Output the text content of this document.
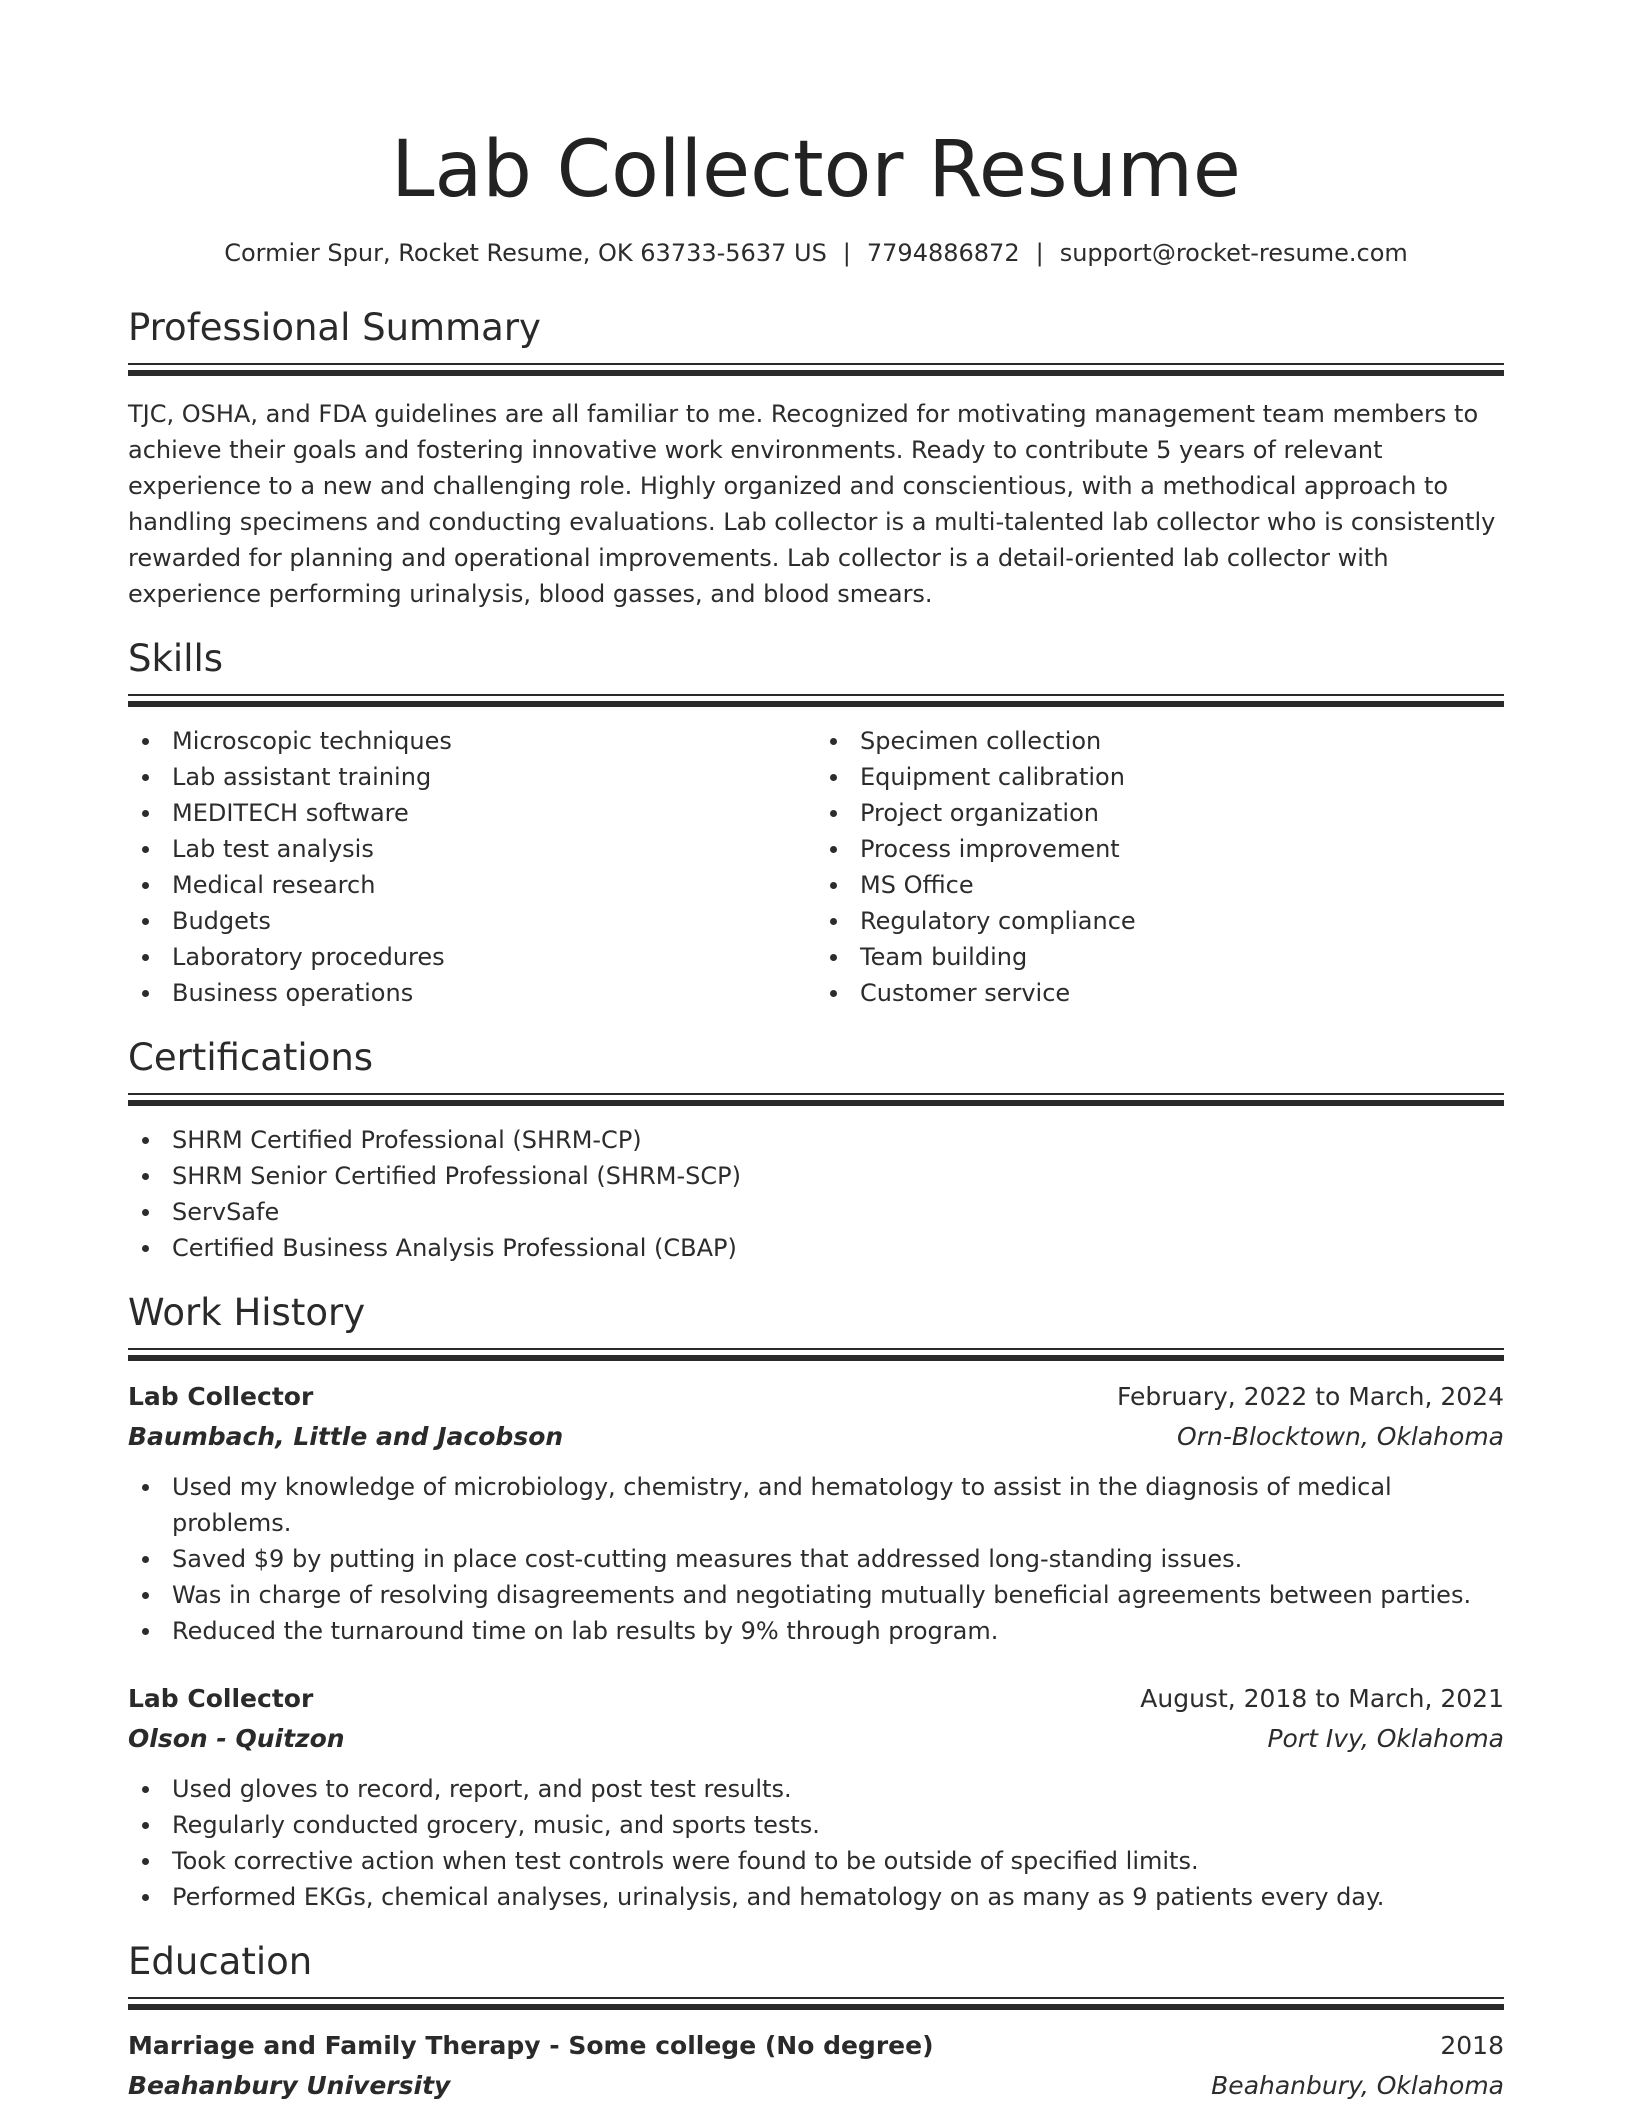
Lab Collector Resume
Cormier Spur, Rocket Resume, OK 63733-5637 US | 7794886872 | support@rocket-resume.com
Professional Summary

TJC, OSHA, and FDA guidelines are all familiar to me. Recognized for motivating management team members to achieve their goals and fostering innovative work environments. Ready to contribute 5 years of relevant experience to a new and challenging role. Highly organized and conscientious, with a methodical approach to handling specimens and conducting evaluations. Lab collector is a multi-talented lab collector who is consistently rewarded for planning and operational improvements. Lab collector is a detail-oriented lab collector with experience performing urinalysis, blood gasses, and blood smears.

Skills
Microscopic techniques
Lab assistant training
MEDITECH software
Lab test analysis
Medical research
Budgets
Laboratory procedures
Business operations
Specimen collection
Equipment calibration
Project organization
Process improvement
MS Office
Regulatory compliance
Team building
Customer service
Certifications
SHRM Certified Professional (SHRM-CP)
SHRM Senior Certified Professional (SHRM-SCP)
ServSafe
Certified Business Analysis Professional (CBAP)
Work History
Lab Collector	February, 2022 to March, 2024
Baumbach, Little and Jacobson	Orn-Blocktown, Oklahoma
Used my knowledge of microbiology, chemistry, and hematology to assist in the diagnosis of medical problems.
Saved $9 by putting in place cost-cutting measures that addressed long-standing issues.
Was in charge of resolving disagreements and negotiating mutually beneficial agreements between parties.
Reduced the turnaround time on lab results by 9% through program.
Lab Collector	August, 2018 to March, 2021
Olson - Quitzon	Port Ivy, Oklahoma
Used gloves to record, report, and post test results.
Regularly conducted grocery, music, and sports tests.
Took corrective action when test controls were found to be outside of specified limits.
Performed EKGs, chemical analyses, urinalysis, and hematology on as many as 9 patients every day.
Education
Marriage and Family Therapy - Some college (No degree)	2018
Beahanbury University	Beahanbury, Oklahoma
